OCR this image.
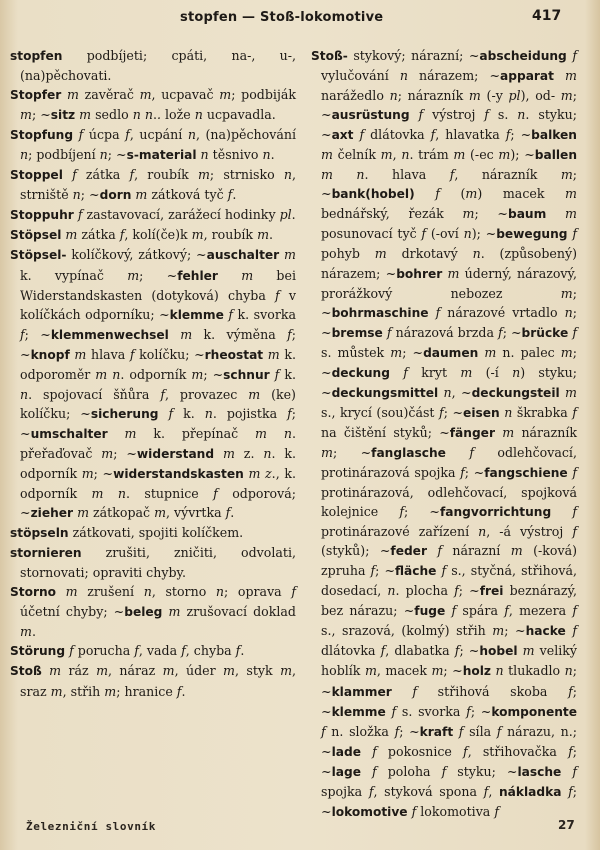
stopfen — Stoß-lokomotive	417

stopfen podbíjeti; cpáti, na-, u-, (na)pěchovati.

Stopfer m zavěrač m, ucpavač m; podbiják m; ~sitz m sedlo n n.. lože n ucpavadla.

Stopfung f úcpa f, ucpání n, (na)pěchování n; podbíjení n; ~s-material n těsnivo n.

Stoppel f zátka f, roubík m; strnisko n, strniště n; ~dorn m zátková tyč f.

Stoppuhr f zastavovací, zarážecí hodinky pl.

Stöpsel m zátka f, kolí(če)k m, roubík m.

Stöpsel- kolíčkový, zátkový; ~auschalter m k. vypínač m; ~fehler m bei Widerstandskasten (dotyková) chyba f v kolíčkách odporníku; ~klemme f k. svorka f; ~klemmenwechsel m k. výměna f; ~knopf m hlava f kolíčku; ~rheostat m k. odporoměr m n. odporník m; ~schnur f k. n. spojovací šňůra f, provazec m (ke) kolíčku; ~sicherung f k. n. pojistka f; ~umschalter m k. přepínač m n. přeřaďovač m; ~widerstand m z. n. k. odporník m; ~widerstandskasten m z., k. odporník m n. stupnice f odporová; ~zieher m zátkopač m, vývrtka f.

stöpseln zátkovati, spojiti kolíčkem.

stornieren zrušiti, zničiti, odvolati, stornovati; opraviti chyby.

Storno m zrušení n, storno n; oprava f účetní chyby; ~beleg m zrušovací doklad m.

Störung f porucha f, vada f, chyba f.

Stoß m ráz m, náraz m, úder m, styk m, sraz m, střih m; hranice f.

Stoß- stykový; nárazní; ~abscheidung f vylučování n nárazem; ~apparat m narážedlo n; nárazník m (-y pl), od- m; ~ausrüstung f výstroj f s. n. styku; ~axt f dlátovka f, hlavatka f; ~balken m čelník m, n. trám m (-ec m); ~ballen m n. hlava f, nárazník m; ~bank(hobel) f (m) macek m bednářský, řezák m; ~baum m posunovací tyč f (-oví n); ~bewegung f pohyb m drkotavý n. (způsobený) nárazem; ~bohrer m úderný, nárazový, prorážkový nebozez m; ~bohrmaschine f nárazové vrtadlo n; ~bremse f nárazová brzda f; ~brücke f s. můstek m; ~daumen m n. palec m; ~deckung f kryt m (-í n) styku; ~deckungsmittel n, ~deckungsteil m s., krycí (sou)část f; ~eisen n škrabka f na čištění styků; ~fänger m nárazník m; ~fanglasche f odlehčovací, protinárazová spojka f; ~fangschiene f protinárazová, odlehčovací, spojková kolejnice f; ~fangvorrichtung f protinárazové zařízení n, -á výstroj f (styků); ~feder f nárazní m (-ková) zpruha f; ~fläche f s., styčná, střihová, dosedací, n. plocha f; ~frei beznárazý, bez nárazu; ~fuge f spára f, mezera f s., srazová, (kolmý) střih m; ~hacke f dlátovka f, dlabatka f; ~hobel m veliký hoblík m, macek m; ~holz n tlukadlo n; ~klammer f střihová skoba f; ~klemme f s. svorka f; ~komponente f n. složka f; ~kraft f síla f nárazu, n.; ~lade f pokosnice f, střihovačka f; ~lage f poloha f styku; ~lasche f spojka f, styková spona f, nákladka f; ~lokomotive f lokomotiva f

Železniční slovník	27
